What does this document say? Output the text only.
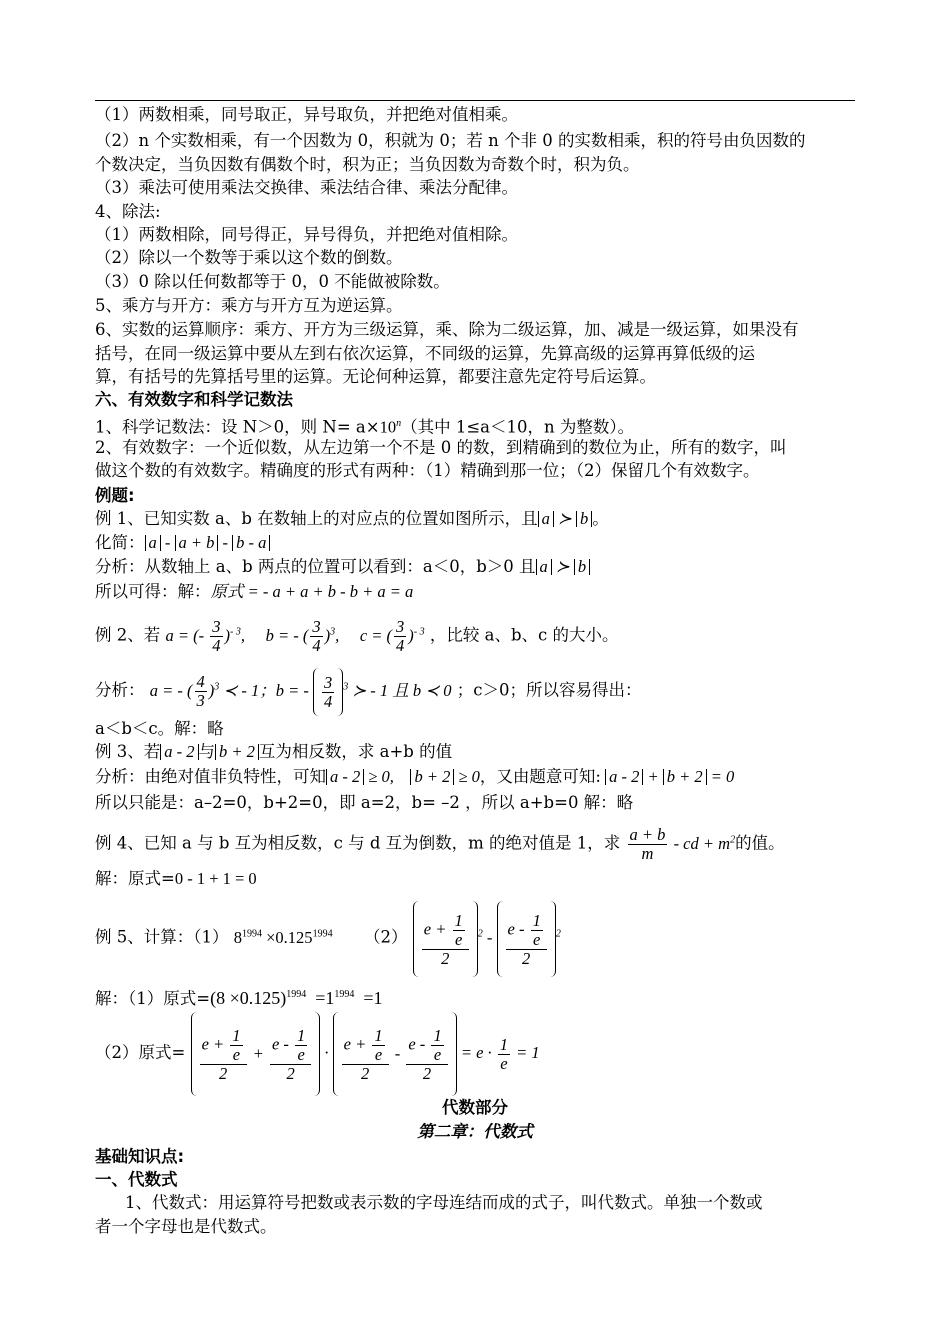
（1）两数相乘，同号取正，异号取负，并把绝对值相乘。
（2）n 个实数相乘，有一个因数为 0，积就为 0；若 n 个非 0 的实数相乘，积的符号由负因数的
个数决定，当负因数有偶数个时，积为正；当负因数为奇数个时，积为负。
（3）乘法可使用乘法交换律、乘法结合律、乘法分配律。
4、除法:
（1）两数相除，同号得正，异号得负，并把绝对值相除。
（2）除以一个数等于乘以这个数的倒数。
（3）0 除以任何数都等于 0，0 不能做被除数。
5、乘方与开方：乘方与开方互为逆运算。
6、实数的运算顺序：乘方、开方为三级运算，乘、除为二级运算，加、减是一级运算，如果没有
括号，在同一级运算中要从左到右依次运算，不同级的运算，先算高级的运算再算低级的运
算，有括号的先算括号里的运算。无论何种运算，都要注意先定符号后运算。
六、有效数字和科学记数法
1、科学记数法：设 N＞0，则 $N= a\times 10^n$（其中 1≤a＜10，n 为整数）。
2、有效数字：一个近似数，从左边第一个不是 0 的数，到精确到的数位为止，所有的数字，叫
做这个数的有效数字。精确度的形式有两种：（1）精确到那一位；（2）保留几个有效数字。
例题:
例 1、已知实数 a、b 在数轴上的对应点的位置如图所示，且 a ≻ b 。
化简： a - a + b - b - a
分析：从数轴上 a、b 两点的位置可以看到：a＜0，b＞0 且 a ≻ b
所以可得：解：原式 = - a + a + b - b + a = a
例 2、若 a = (- $\frac{3}{4} )^{- 3}$,     b = - ( $\frac{3}{4} )^3$,     c = ( $\frac{3}{4} )^{- 3}$ ，比较 a、b、c 的大小。
分析： a = - ( $\frac{4}{3} )^3$ ≺ - 1；b = - $\frac{3}{4} ^3$ ≻ - 1 且 b ≺ 0 ；c＞0；所以容易得出：
a＜b＜c。解：略
例 3、若 a - 2 与 b + 2 互为相反数，求 a+b 的值
分析：由绝对值非负特性，可知 a - 2 ≥ 0,    b + 2 ≥ 0，又由题意可知: a - 2 + b + 2 = 0
所以只能是：a–2=0，b+2=0，即 a=2，b= –2 ，所以 a+b=0 解：略
例 4、已知 a 与 b 互为相反数，c 与 d 互为倒数，m 的绝对值是 1，求 $\frac{a + b}{m}$ - cd + $m^2$的值。
解：原式=0 - 1 + 1 = 0
例 5、计算：（1） $8^{1994} \times 0.125^{1994}$ $(2) \frac{e + \frac{1}{e}}{2} ^2 - \frac{e - \frac{1}{e}}{2} ^2$
解：（1）原式$=(8 \times 0.125)^{1994} =1^{1994} =1$
（2）原式= $\frac{e + \frac{1}{e}}{2} + \frac{e - \frac{1}{e}}{2} \cdot \frac{e + \frac{1}{e}}{2} - \frac{e - \frac{1}{e}}{2} = e \cdot \frac{1}{e} = 1$
代数部分
第二章：代数式
基础知识点:
一、代数式
1、代数式：用运算符号把数或表示数的字母连结而成的式子，叫代数式。单独一个数或
者一个字母也是代数式。
